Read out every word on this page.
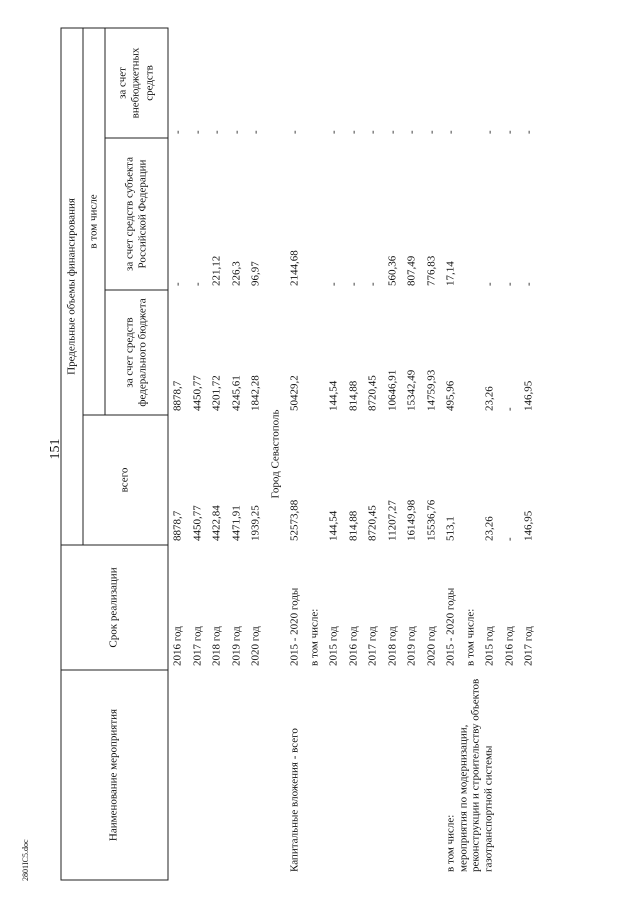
151
Наименование мероприятия	Срок реализации	Предельные объемы финансирования			
		всего	в том числе		
			за счет средств федерального бюджета	за счет средств субъекта Российской Федерации	за счет внебюджетных средств
	2016 год	8878,7	8878,7	-	-
	2017 год	4450,77	4450,77	-	-
	2018 год	4422,84	4201,72	221,12	-
	2019 год	4471,91	4245,61	226,3	-
	2020 год	1939,25	1842,28	96,97	-
Город Севастополь					
Капитальные вложения - всего	2015 - 2020 годы	52573,88	50429,2	2144,68	-
	в том числе:				
	2015 год	144,54	144,54	-	-
	2016 год	814,88	814,88	-	-
	2017 год	8720,45	8720,45	-	-
	2018 год	11207,27	10646,91	560,36	-
	2019 год	16149,98	15342,49	807,49	-
	2020 год	15536,76	14759,93	776,83	-

в том числе: мероприятия по модернизации, реконструкции и строительству объектов газотранспортной системы	2015 - 2020 годы	513,1	495,96	17,14	-
	в том числе:				
	2015 год	23,26	23,26	-	-
	2016 год	-	-	-	-
	2017 год	146,95	146,95	-	-
2801IC5.doc
